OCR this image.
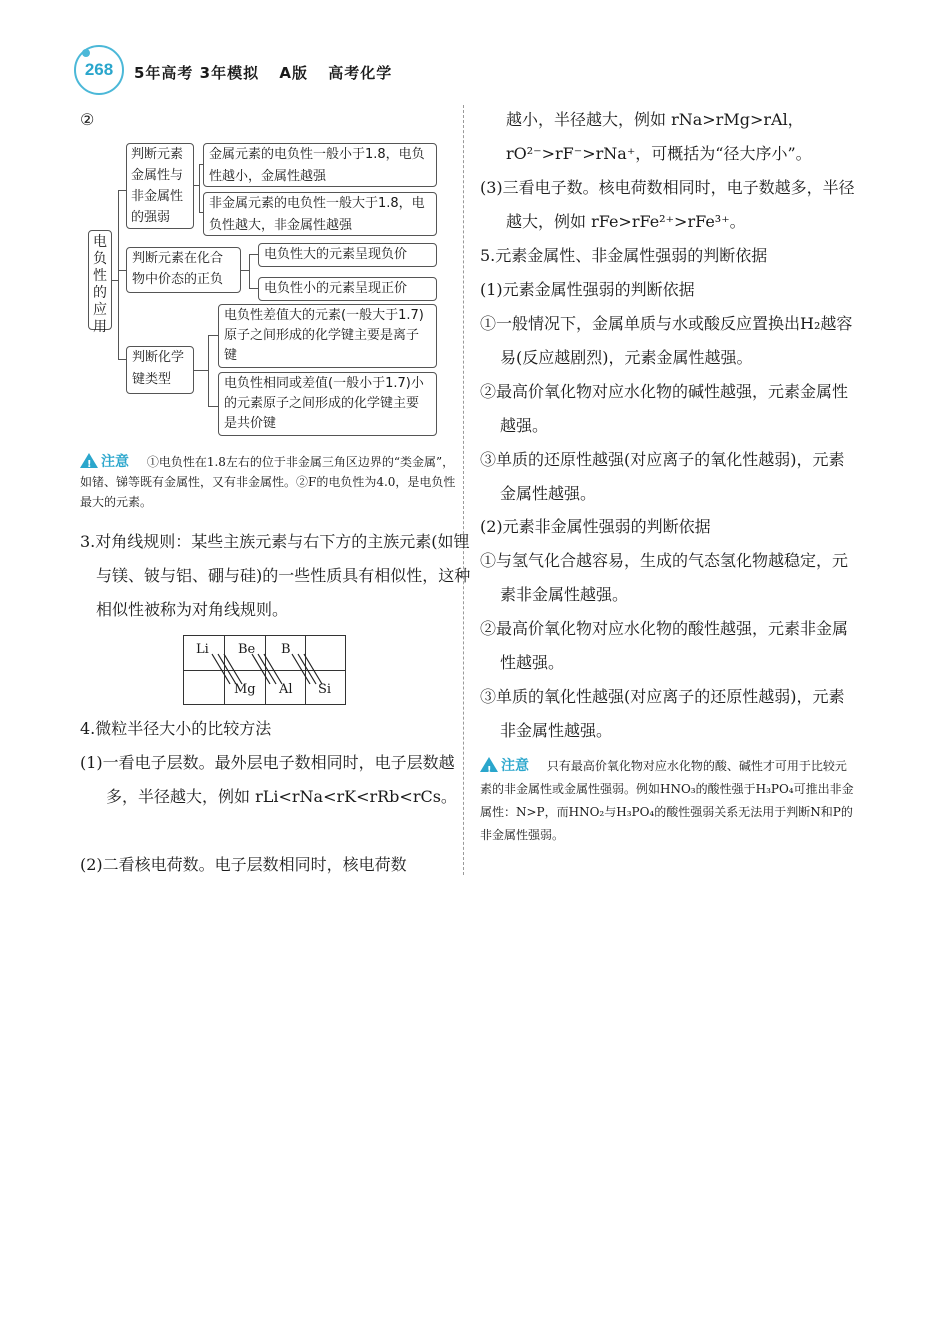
268	5年高考 3年模拟 A版 高考化学
②
电负性的应用
判断元素金属性与非金属性的强弱
金属元素的电负性一般小于1.8，电负性越小，金属性越强
非金属元素的电负性一般大于1.8，电负性越大，非金属性越强
判断元素在化合物中价态的正负
电负性大的元素呈现负价
电负性小的元素呈现正价
判断化学键类型
电负性差值大的元素(一般大于1.7)原子之间形成的化学键主要是离子键
电负性相同或差值(一般小于1.7)小的元素原子之间形成的化学键主要是共价键
!注意 ①电负性在1.8左右的位于非金属三角区边界的“类金属”，如锗、锑等既有金属性，又有非金属性。②F的电负性为4.0，是电负性最大的元素。
3.对角线规则：某些主族元素与右下方的主族元素(如锂与镁、铍与铝、硼与硅)的一些性质具有相似性，这种相似性被称为对角线规则。
Li Be B
Mg Al Si
4.微粒半径大小的比较方法
(1)一看电子层数。最外层电子数相同时，电子层数越多，半径越大，例如 rLi<rNa<rK<rRb<rCs。
(2)二看核电荷数。电子层数相同时，核电荷数
越小，半径越大，例如 rNa>rMg>rAl，rO²⁻>rF⁻>rNa⁺，可概括为“径大序小”。
(3)三看电子数。核电荷数相同时，电子数越多，半径越大，例如 rFe>rFe²⁺>rFe³⁺。
5.元素金属性、非金属性强弱的判断依据
(1)元素金属性强弱的判断依据
①一般情况下，金属单质与水或酸反应置换出H₂越容易(反应越剧烈)，元素金属性越强。
②最高价氧化物对应水化物的碱性越强，元素金属性越强。
③单质的还原性越强(对应离子的氧化性越弱)，元素金属性越强。
(2)元素非金属性强弱的判断依据
①与氢气化合越容易，生成的气态氢化物越稳定，元素非金属性越强。
②最高价氧化物对应水化物的酸性越强，元素非金属性越强。
③单质的氧化性越强(对应离子的还原性越弱)，元素非金属性越强。
!注意 只有最高价氧化物对应水化物的酸、碱性才可用于比较元素的非金属性或金属性强弱。例如HNO₃的酸性强于H₃PO₄可推出非金属性：N>P，而HNO₂与H₃PO₄的酸性强弱关系无法用于判断N和P的非金属性强弱。
